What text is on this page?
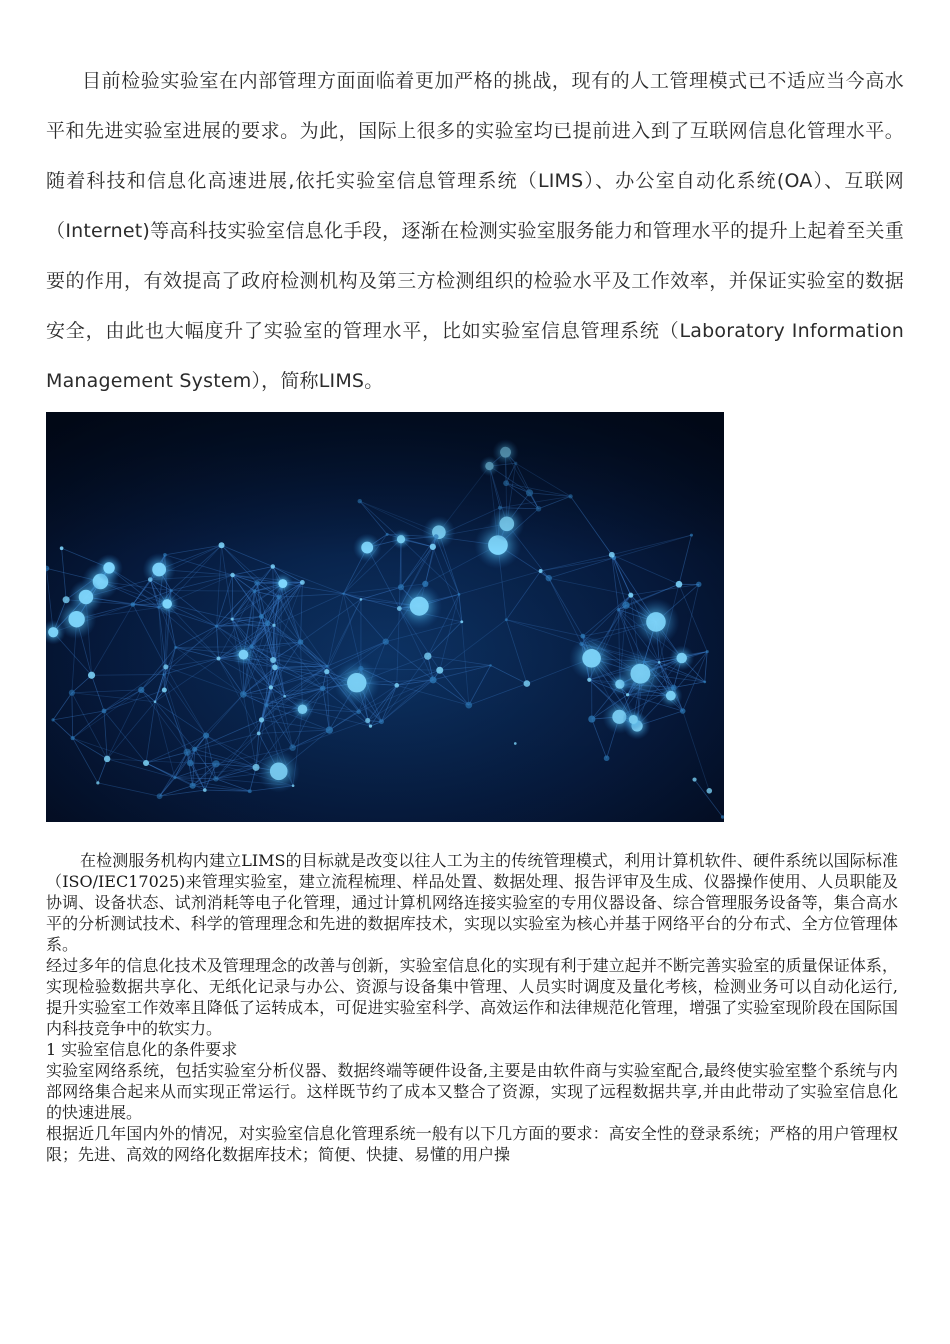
目前检验实验室在内部管理方面面临着更加严格的挑战，现有的人工管理模式已不适应当今高水平和先进实验室进展的要求。为此，国际上很多的实验室均已提前进入到了互联网信息化管理水平。随着科技和信息化高速进展,依托实验室信息管理系统（LIMS）、办公室自动化系统(OA）、互联网（Internet)等高科技实验室信息化手段，逐渐在检测实验室服务能力和管理水平的提升上起着至关重要的作用，有效提高了政府检测机构及第三方检测组织的检验水平及工作效率，并保证实验室的数据安全，由此也大幅度升了实验室的管理水平，比如实验室信息管理系统（Laboratory Information Management System），简称LIMS。

在检测服务机构内建立LIMS的目标就是改变以往人工为主的传统管理模式，利用计算机软件、硬件系统以国际标准（ISO/IEC17025)来管理实验室，建立流程梳理、样品处置、数据处理、报告评审及生成、仪器操作使用、人员职能及协调、设备状态、试剂消耗等电子化管理，通过计算机网络连接实验室的专用仪器设备、综合管理服务设备等，集合高水平的分析测试技术、科学的管理理念和先进的数据库技术，实现以实验室为核心并基于网络平台的分布式、全方位管理体系。

经过多年的信息化技术及管理理念的改善与创新，实验室信息化的实现有利于建立起并不断完善实验室的质量保证体系，实现检验数据共享化、无纸化记录与办公、资源与设备集中管理、人员实时调度及量化考核，检测业务可以自动化运行,提升实验室工作效率且降低了运转成本，可促进实验室科学、高效运作和法律规范化管理，增强了实验室现阶段在国际国内科技竞争中的软实力。

1 实验室信息化的条件要求

实验室网络系统，包括实验室分析仪器、数据终端等硬件设备,主要是由软件商与实验室配合,最终使实验室整个系统与内部网络集合起来从而实现正常运行。这样既节约了成本又整合了资源，实现了远程数据共享,并由此带动了实验室信息化的快速进展。

根据近几年国内外的情况，对实验室信息化管理系统一般有以下几方面的要求：高安全性的登录系统；严格的用户管理权限；先进、高效的网络化数据库技术；简便、快捷、易懂的用户操
